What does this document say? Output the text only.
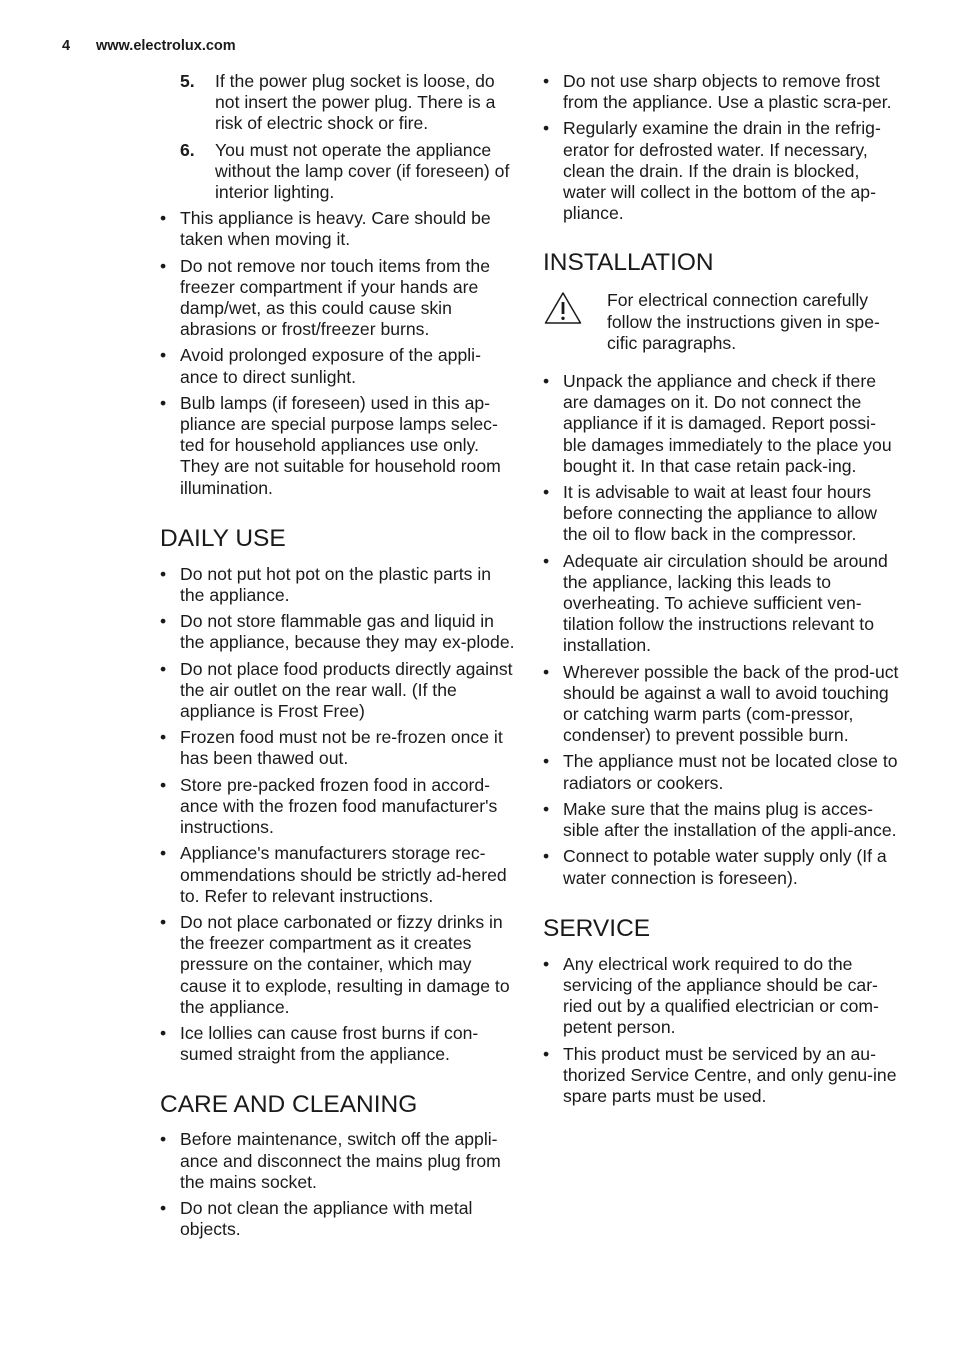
4 www.electrolux.com
5. If the power plug socket is loose, do not insert the power plug. There is a risk of electric shock or fire.
6. You must not operate the appliance without the lamp cover (if foreseen) of interior lighting.
• This appliance is heavy. Care should be taken when moving it.
• Do not remove nor touch items from the freezer compartment if your hands are damp/wet, as this could cause skin abrasions or frost/freezer burns.
• Avoid prolonged exposure of the appli-ance to direct sunlight.
• Bulb lamps (if foreseen) used in this ap-pliance are special purpose lamps selec-ted for household appliances use only. They are not suitable for household room illumination.
DAILY USE
• Do not put hot pot on the plastic parts in the appliance.
• Do not store flammable gas and liquid in the appliance, because they may ex-plode.
• Do not place food products directly against the air outlet on the rear wall. (If the appliance is Frost Free)
• Frozen food must not be re-frozen once it has been thawed out.
• Store pre-packed frozen food in accord-ance with the frozen food manufacturer's instructions.
• Appliance's manufacturers storage rec-ommendations should be strictly ad-hered to. Refer to relevant instructions.
• Do not place carbonated or fizzy drinks in the freezer compartment as it creates pressure on the container, which may cause it to explode, resulting in damage to the appliance.
• Ice lollies can cause frost burns if con-sumed straight from the appliance.
CARE AND CLEANING
• Before maintenance, switch off the appli-ance and disconnect the mains plug from the mains socket.
• Do not clean the appliance with metal objects.
• Do not use sharp objects to remove frost from the appliance. Use a plastic scra-per.
• Regularly examine the drain in the refrig-erator for defrosted water. If necessary, clean the drain. If the drain is blocked, water will collect in the bottom of the ap-pliance.
INSTALLATION
For electrical connection carefully follow the instructions given in spe-cific paragraphs.
• Unpack the appliance and check if there are damages on it. Do not connect the appliance if it is damaged. Report possi-ble damages immediately to the place you bought it. In that case retain pack-ing.
• It is advisable to wait at least four hours before connecting the appliance to allow the oil to flow back in the compressor.
• Adequate air circulation should be around the appliance, lacking this leads to overheating. To achieve sufficient ven-tilation follow the instructions relevant to installation.
• Wherever possible the back of the prod-uct should be against a wall to avoid touching or catching warm parts (com-pressor, condenser) to prevent possible burn.
• The appliance must not be located close to radiators or cookers.
• Make sure that the mains plug is acces-sible after the installation of the appli-ance.
• Connect to potable water supply only (If a water connection is foreseen).
SERVICE
• Any electrical work required to do the servicing of the appliance should be car-ried out by a qualified electrician or com-petent person.
• This product must be serviced by an au-thorized Service Centre, and only genu-ine spare parts must be used.
